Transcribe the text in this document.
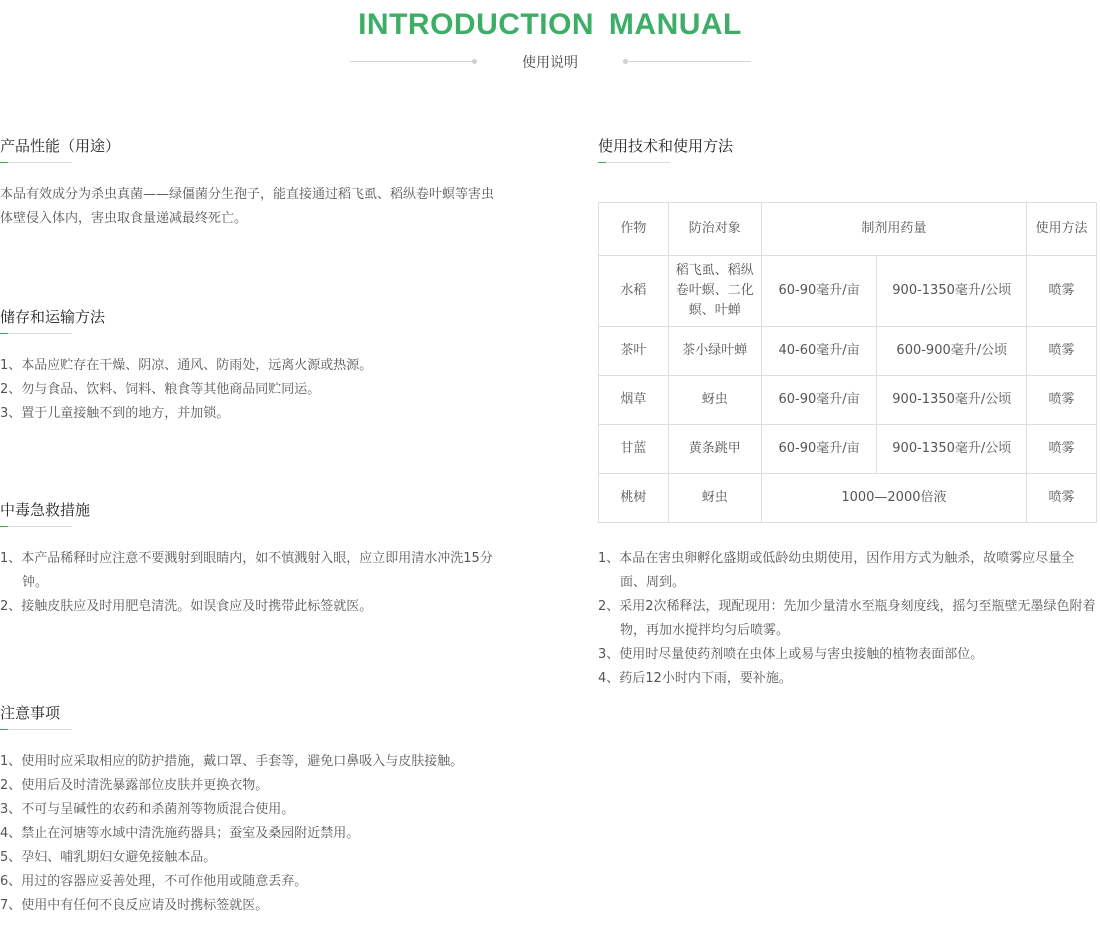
INTRODUCTION MANUAL
使用说明
产品性能（用途）
本品有效成分为杀虫真菌——绿僵菌分生孢子，能直接通过稻飞虱、稻纵卷叶螟等害虫体壁侵入体内，害虫取食量递减最终死亡。
储存和运输方法
1、本品应贮存在干燥、阴凉、通风、防雨处，远离火源或热源。
2、勿与食品、饮料、饲料、粮食等其他商品同贮同运。
3、置于儿童接触不到的地方，并加锁。
中毒急救措施
1、本产品稀释时应注意不要溅射到眼睛内，如不慎溅射入眼，应立即用清水冲洗15分钟。
2、接触皮肤应及时用肥皂清洗。如误食应及时携带此标签就医。
注意事项
1、使用时应采取相应的防护措施，戴口罩、手套等，避免口鼻吸入与皮肤接触。
2、使用后及时清洗暴露部位皮肤并更换衣物。
3、不可与呈碱性的农药和杀菌剂等物质混合使用。
4、禁止在河塘等水域中清洗施药器具；蚕室及桑园附近禁用。
5、孕妇、哺乳期妇女避免接触本品。
6、用过的容器应妥善处理，不可作他用或随意丢弃。
7、使用中有任何不良反应请及时携标签就医。
使用技术和使用方法
作物	防治对象	制剂用药量		使用方法
水稻	稻飞虱、稻纵卷叶螟、二化螟、叶蝉	60-90毫升/亩	900-1350毫升/公顷	喷雾
茶叶	茶小绿叶蝉	40-60毫升/亩	600-900毫升/公顷	喷雾
烟草	蚜虫	60-90毫升/亩	900-1350毫升/公顷	喷雾
甘蓝	黄条跳甲	60-90毫升/亩	900-1350毫升/公顷	喷雾
桃树	蚜虫	1000—2000倍液		喷雾
1、本品在害虫卵孵化盛期或低龄幼虫期使用，因作用方式为触杀，故喷雾应尽量全面、周到。
2、采用2次稀释法，现配现用：先加少量清水至瓶身刻度线，摇匀至瓶壁无墨绿色附着物，再加水搅拌均匀后喷雾。
3、使用时尽量使药剂喷在虫体上或易与害虫接触的植物表面部位。
4、药后12小时内下雨，要补施。
